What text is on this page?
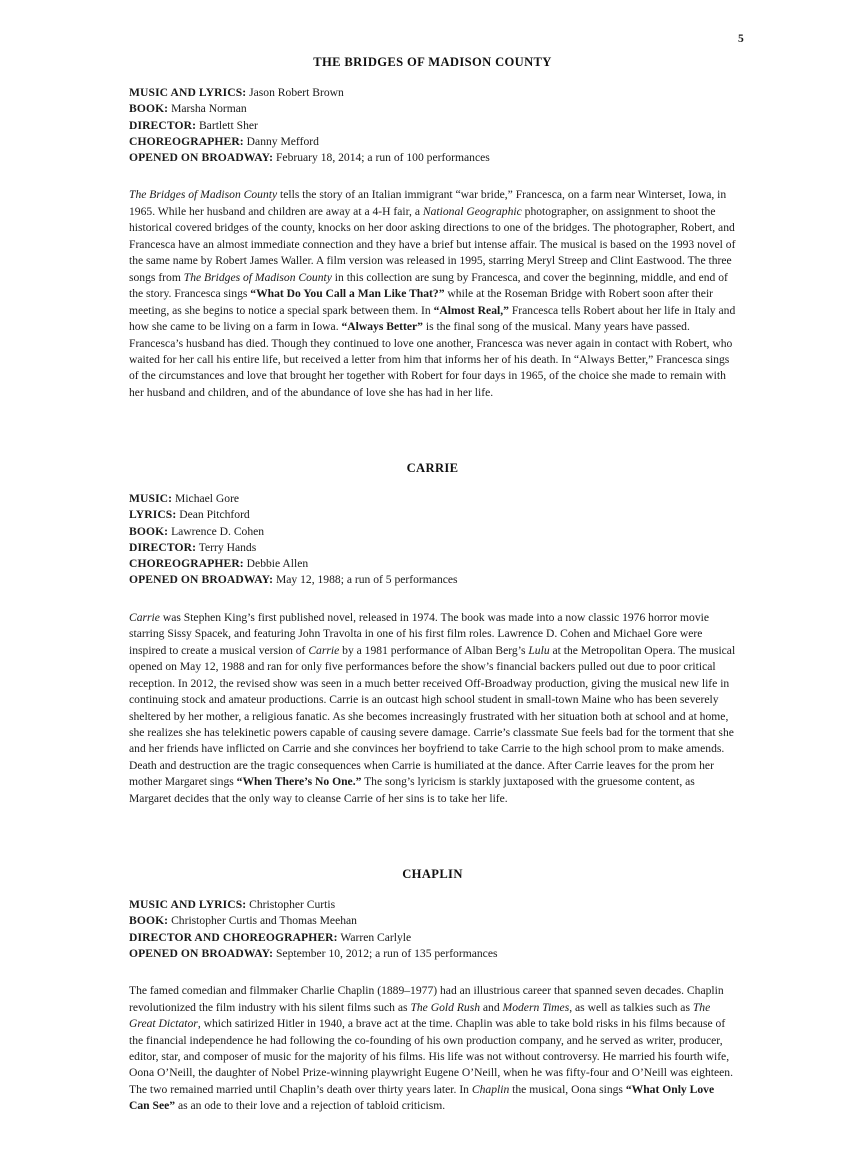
5
THE BRIDGES OF MADISON COUNTY
MUSIC AND LYRICS: Jason Robert Brown
BOOK: Marsha Norman
DIRECTOR: Bartlett Sher
CHOREOGRAPHER: Danny Mefford
OPENED ON BROADWAY: February 18, 2014; a run of 100 performances
The Bridges of Madison County tells the story of an Italian immigrant “war bride,” Francesca, on a farm near Winterset, Iowa, in 1965. While her husband and children are away at a 4-H fair, a National Geographic photographer, on assignment to shoot the historical covered bridges of the county, knocks on her door asking directions to one of the bridges. The photographer, Robert, and Francesca have an almost immediate connection and they have a brief but intense affair. The musical is based on the 1993 novel of the same name by Robert James Waller. A film version was released in 1995, starring Meryl Streep and Clint Eastwood. The three songs from The Bridges of Madison County in this collection are sung by Francesca, and cover the beginning, middle, and end of the story. Francesca sings “What Do You Call a Man Like That?” while at the Roseman Bridge with Robert soon after their meeting, as she begins to notice a special spark between them. In “Almost Real,” Francesca tells Robert about her life in Italy and how she came to be living on a farm in Iowa. “Always Better” is the final song of the musical. Many years have passed. Francesca’s husband has died. Though they continued to love one another, Francesca was never again in contact with Robert, who waited for her call his entire life, but received a letter from him that informs her of his death. In “Always Better,” Francesca sings of the circumstances and love that brought her together with Robert for four days in 1965, of the choice she made to remain with her husband and children, and of the abundance of love she has had in her life.
CARRIE
MUSIC: Michael Gore
LYRICS: Dean Pitchford
BOOK: Lawrence D. Cohen
DIRECTOR: Terry Hands
CHOREOGRAPHER: Debbie Allen
OPENED ON BROADWAY: May 12, 1988; a run of 5 performances
Carrie was Stephen King’s first published novel, released in 1974. The book was made into a now classic 1976 horror movie starring Sissy Spacek, and featuring John Travolta in one of his first film roles. Lawrence D. Cohen and Michael Gore were inspired to create a musical version of Carrie by a 1981 performance of Alban Berg’s Lulu at the Metropolitan Opera. The musical opened on May 12, 1988 and ran for only five performances before the show’s financial backers pulled out due to poor critical reception. In 2012, the revised show was seen in a much better received Off-Broadway production, giving the musical new life in continuing stock and amateur productions. Carrie is an outcast high school student in small-town Maine who has been severely sheltered by her mother, a religious fanatic. As she becomes increasingly frustrated with her situation both at school and at home, she realizes she has telekinetic powers capable of causing severe damage. Carrie’s classmate Sue feels bad for the torment that she and her friends have inflicted on Carrie and she convinces her boyfriend to take Carrie to the high school prom to make amends. Death and destruction are the tragic consequences when Carrie is humiliated at the dance. After Carrie leaves for the prom her mother Margaret sings “When There’s No One.” The song’s lyricism is starkly juxtaposed with the gruesome content, as Margaret decides that the only way to cleanse Carrie of her sins is to take her life.
CHAPLIN
MUSIC AND LYRICS: Christopher Curtis
BOOK: Christopher Curtis and Thomas Meehan
DIRECTOR AND CHOREOGRAPHER: Warren Carlyle
OPENED ON BROADWAY: September 10, 2012; a run of 135 performances
The famed comedian and filmmaker Charlie Chaplin (1889–1977) had an illustrious career that spanned seven decades. Chaplin revolutionized the film industry with his silent films such as The Gold Rush and Modern Times, as well as talkies such as The Great Dictator, which satirized Hitler in 1940, a brave act at the time. Chaplin was able to take bold risks in his films because of the financial independence he had following the co-founding of his own production company, and he served as writer, producer, editor, star, and composer of music for the majority of his films. His life was not without controversy. He married his fourth wife, Oona O’Neill, the daughter of Nobel Prize-winning playwright Eugene O’Neill, when he was fifty-four and O’Neill was eighteen. The two remained married until Chaplin’s death over thirty years later. In Chaplin the musical, Oona sings “What Only Love Can See” as an ode to their love and a rejection of tabloid criticism.
